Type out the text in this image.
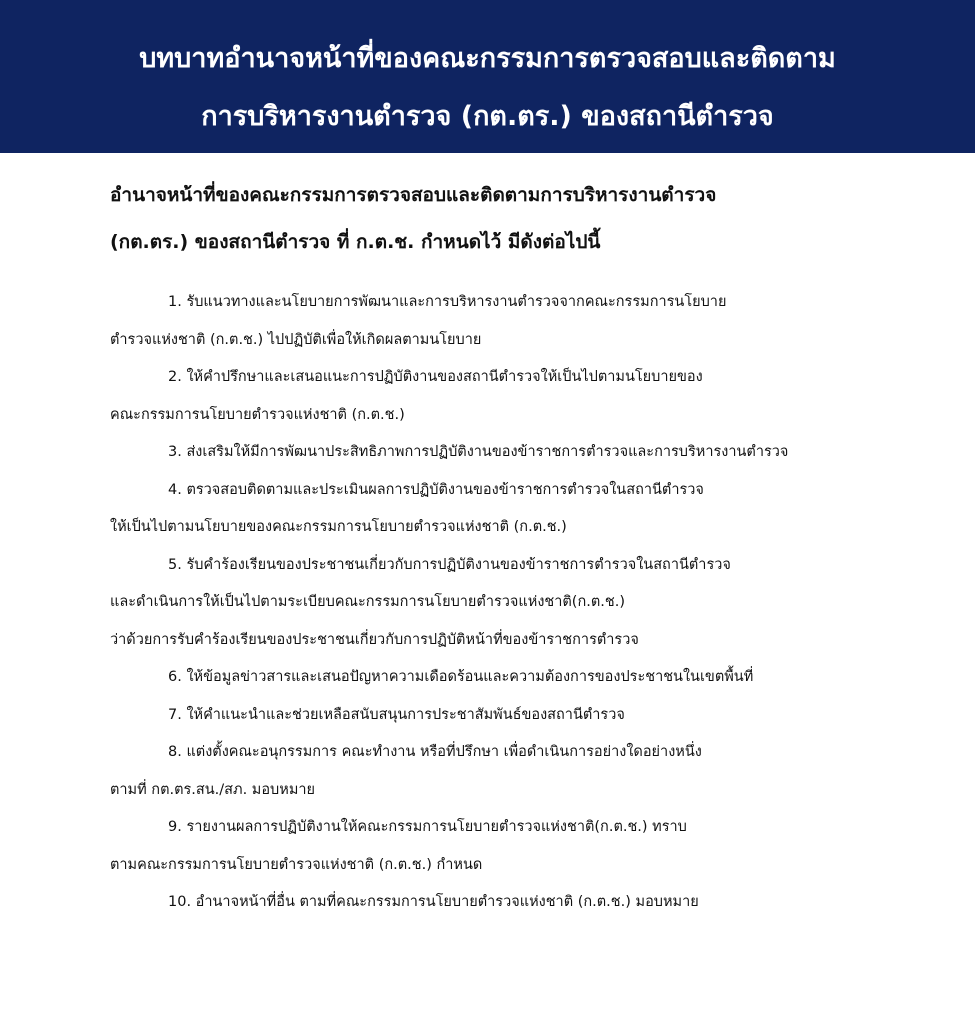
บทบาทอำนาจหน้าที่ของคณะกรรมการตรวจสอบและติดตาม
การบริหารงานตำรวจ (กต.ตร.) ของสถานีตำรวจ
อำนาจหน้าที่ของคณะกรรมการตรวจสอบและติดตามการบริหารงานตำรวจ
(กต.ตร.) ของสถานีตำรวจ ที่ ก.ต.ช. กำหนดไว้ มีดังต่อไปนี้
1. รับแนวทางและนโยบายการพัฒนาและการบริหารงานตำรวจจากคณะกรรมการนโยบาย
ตำรวจแห่งชาติ (ก.ต.ช.) ไปปฏิบัติเพื่อให้เกิดผลตามนโยบาย
2. ให้คำปรึกษาและเสนอแนะการปฏิบัติงานของสถานีตำรวจให้เป็นไปตามนโยบายของ
คณะกรรมการนโยบายตำรวจแห่งชาติ (ก.ต.ช.)
3. ส่งเสริมให้มีการพัฒนาประสิทธิภาพการปฏิบัติงานของข้าราชการตำรวจและการบริหารงานตำรวจ
4. ตรวจสอบติดตามและประเมินผลการปฏิบัติงานของข้าราชการตำรวจในสถานีตำรวจ
ให้เป็นไปตามนโยบายของคณะกรรมการนโยบายตำรวจแห่งชาติ (ก.ต.ช.)
5. รับคำร้องเรียนของประชาชนเกี่ยวกับการปฏิบัติงานของข้าราชการตำรวจในสถานีตำรวจ
และดำเนินการให้เป็นไปตามระเบียบคณะกรรมการนโยบายตำรวจแห่งชาติ(ก.ต.ช.)
ว่าด้วยการรับคำร้องเรียนของประชาชนเกี่ยวกับการปฏิบัติหน้าที่ของข้าราชการตำรวจ
6. ให้ข้อมูลข่าวสารและเสนอปัญหาความเดือดร้อนและความต้องการของประชาชนในเขตพื้นที่
7. ให้คำแนะนำและช่วยเหลือสนับสนุนการประชาสัมพันธ์ของสถานีตำรวจ
8. แต่งตั้งคณะอนุกรรมการ คณะทำงาน หรือที่ปรึกษา เพื่อดำเนินการอย่างใดอย่างหนึ่ง
ตามที่ กต.ตร.สน./สภ. มอบหมาย
9. รายงานผลการปฏิบัติงานให้คณะกรรมการนโยบายตำรวจแห่งชาติ(ก.ต.ช.) ทราบ
ตามคณะกรรมการนโยบายตำรวจแห่งชาติ (ก.ต.ช.) กำหนด
10. อำนาจหน้าที่อื่น ตามที่คณะกรรมการนโยบายตำรวจแห่งชาติ (ก.ต.ช.) มอบหมาย
